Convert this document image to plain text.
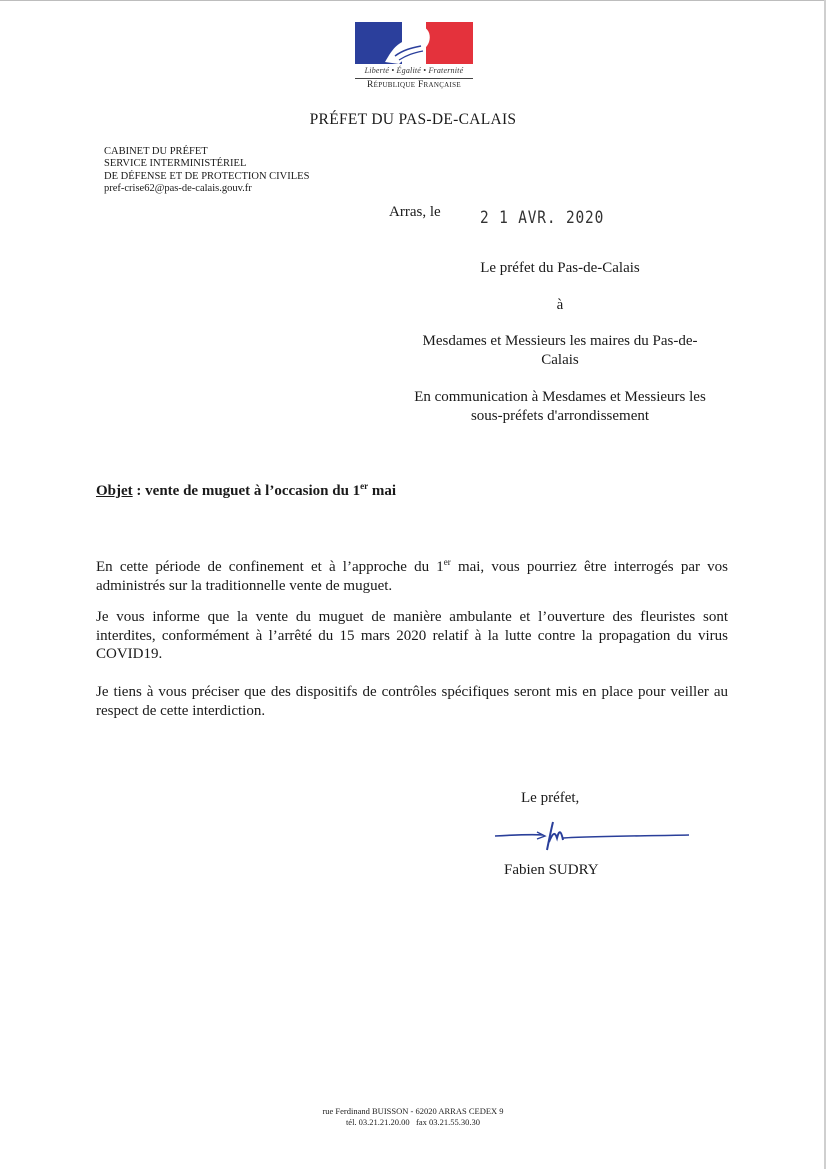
Liberté • Égalité • Fraternité
République Française
PRÉFET DU PAS-DE-CALAIS
CABINET DU PRÉFET
SERVICE INTERMINISTÉRIEL
DE DÉFENSE ET DE PROTECTION CIVILES
pref-crise62@pas-de-calais.gouv.fr
Arras, le 2 1 AVR. 2020
Le préfet du Pas-de-Calais
à
Mesdames et Messieurs les maires du Pas-de-
Calais
En communication à Mesdames et Messieurs les
sous-préfets d'arrondissement
Objet : vente de muguet à l’occasion du 1er mai
En cette période de confinement et à l’approche du 1er mai, vous pourriez être interrogés par vos administrés sur la traditionnelle vente de muguet.
Je vous informe que la vente du muguet de manière ambulante et l’ouverture des fleuristes sont interdites, conformément à l’arrêté du 15 mars 2020 relatif à la lutte contre la propagation du virus COVID19.
Je tiens à vous préciser que des dispositifs de contrôles spécifiques seront mis en place pour veiller au respect de cette interdiction.
Le préfet,
Fabien SUDRY
rue Ferdinand BUISSON - 62020 ARRAS CEDEX 9
tél. 03.21.21.20.00   fax 03.21.55.30.30
